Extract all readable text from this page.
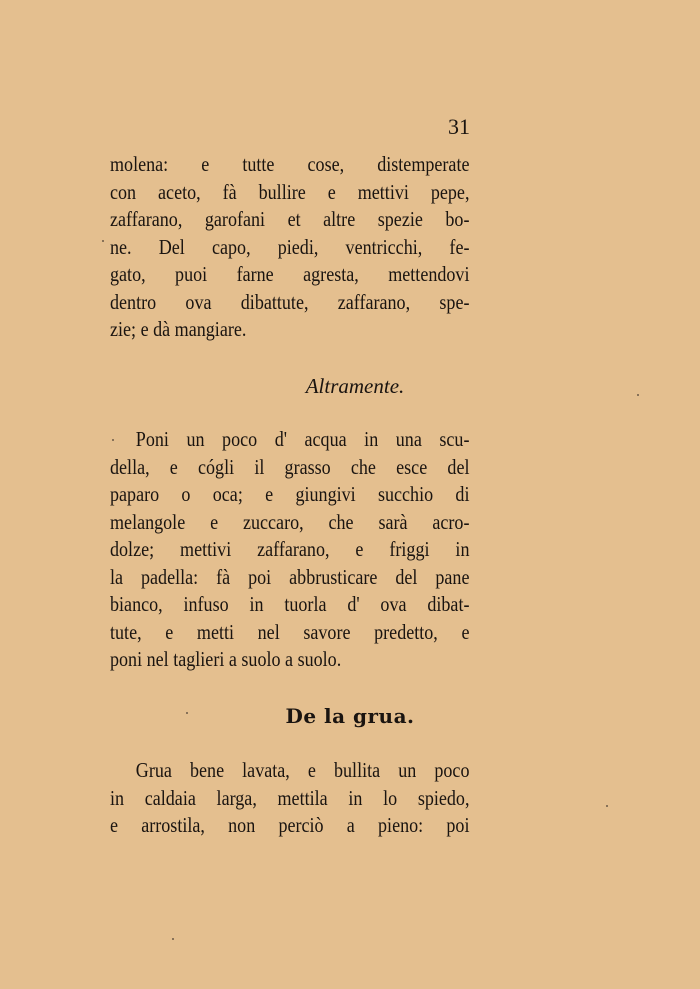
31
molena: e tutte cose, distemperate
con aceto, fà bullire e mettivi pepe,
zaffarano, garofani et altre spezie bo-
ne. Del capo, piedi, ventricchi, fe-
gato, puoi farne agresta, mettendovi
dentro ova dibattute, zaffarano, spe-
zie; e dà mangiare.
Altramente.
Poni un poco d' acqua in una scu-
della, e cógli il grasso che esce del
paparo o oca; e giungivi succhio di
melangole e zuccaro, che sarà acro-
dolze; mettivi zaffarano, e friggi in
la padella: fà poi abbrusticare del pane
bianco, infuso in tuorla d' ova dibat-
tute, e metti nel savore predetto, e
poni nel taglieri a suolo a suolo.
De la grua.
Grua bene lavata, e bullita un poco
in caldaia larga, mettila in lo spiedo,
e arrostila, non perciò a pieno: poi
